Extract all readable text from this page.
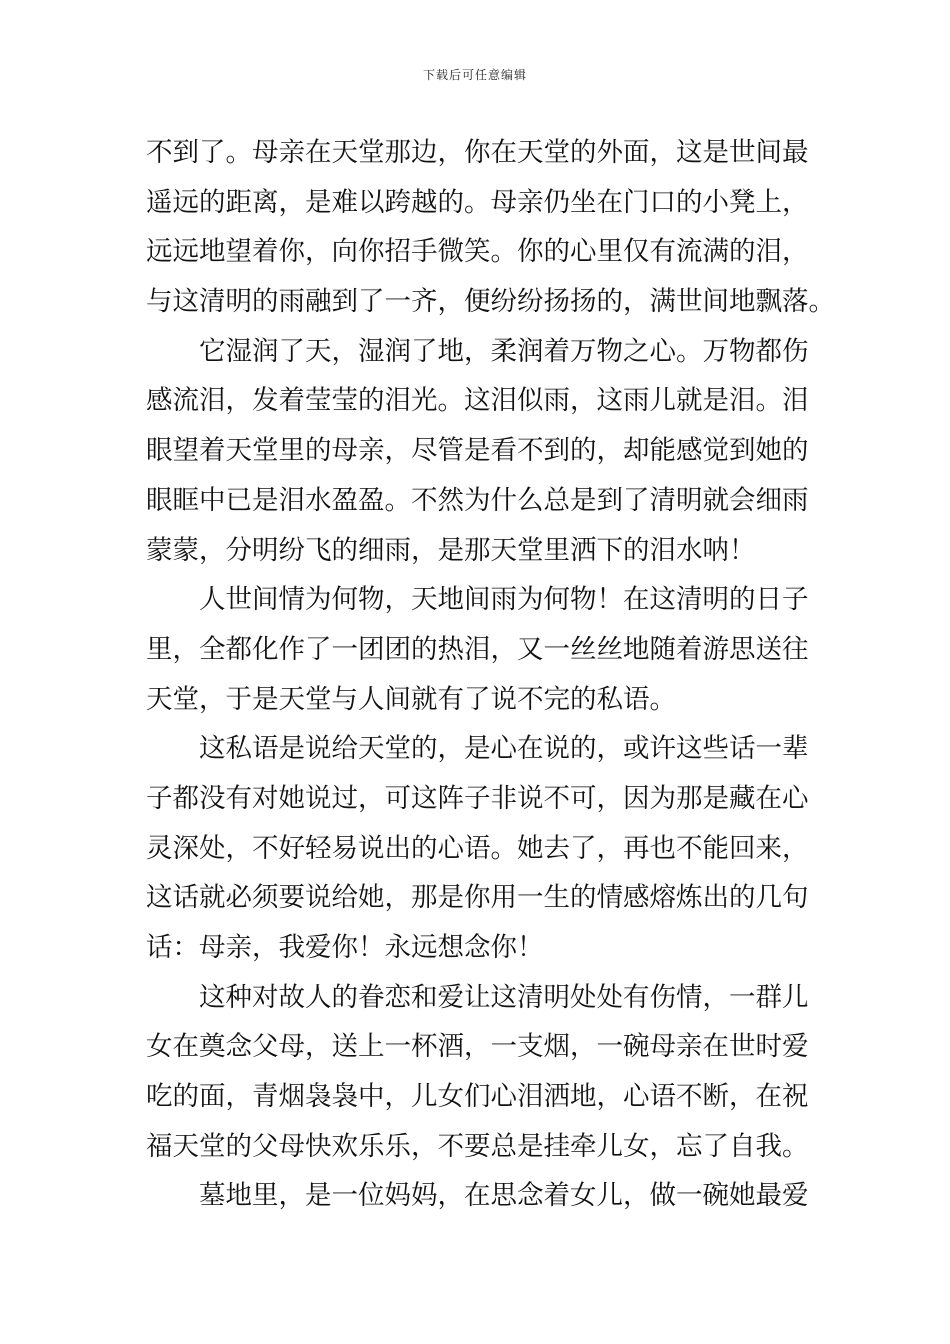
下载后可任意编辑
不到了。母亲在天堂那边，你在天堂的外面，这是世间最
遥远的距离，是难以跨越的。母亲仍坐在门口的小凳上，
远远地望着你，向你招手微笑。你的心里仅有流满的泪，
与这清明的雨融到了一齐，便纷纷扬扬的，满世间地飘落。
它湿润了天，湿润了地，柔润着万物之心。万物都伤
感流泪，发着莹莹的泪光。这泪似雨，这雨儿就是泪。泪
眼望着天堂里的母亲，尽管是看不到的，却能感觉到她的
眼眶中已是泪水盈盈。不然为什么总是到了清明就会细雨
蒙蒙，分明纷飞的细雨，是那天堂里洒下的泪水呐！
人世间情为何物，天地间雨为何物！在这清明的日子
里，全都化作了一团团的热泪，又一丝丝地随着游思送往
天堂，于是天堂与人间就有了说不完的私语。
这私语是说给天堂的，是心在说的，或许这些话一辈
子都没有对她说过，可这阵子非说不可，因为那是藏在心
灵深处，不好轻易说出的心语。她去了，再也不能回来，
这话就必须要说给她，那是你用一生的情感熔炼出的几句
话：母亲，我爱你！永远想念你！
这种对故人的眷恋和爱让这清明处处有伤情，一群儿
女在奠念父母，送上一杯酒，一支烟，一碗母亲在世时爱
吃的面，青烟袅袅中，儿女们心泪洒地，心语不断，在祝
福天堂的父母快欢乐乐，不要总是挂牵儿女，忘了自我。
墓地里，是一位妈妈，在思念着女儿，做一碗她最爱
